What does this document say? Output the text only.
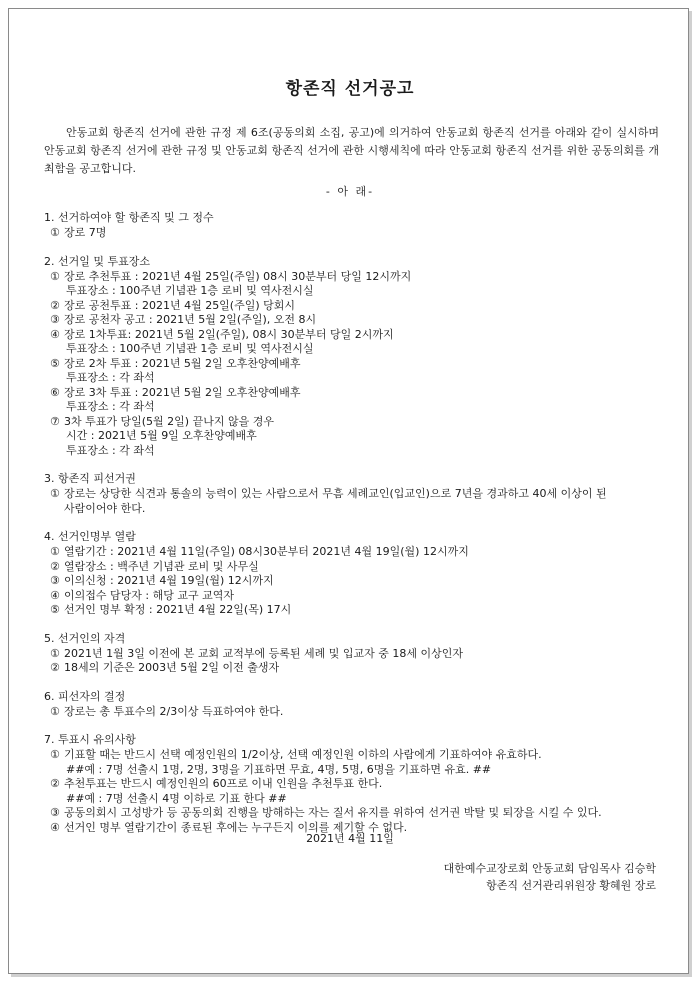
항존직 선거공고
안동교회 항존직 선거에 관한 규정 제 6조(공동의회 소집, 공고)에 의거하여 안동교회 항존직 선거를 아래와 같이 실시하며 안동교회 항존직 선거에 관한 규정 및 안동교회 항존직 선거에 관한 시행세칙에 따라 안동교회 항존직 선거를 위한 공동의회를 개최함을 공고합니다.
- 아 래-
1. 선거하여야 할 항존직 및 그 정수
① 장로 7명
2. 선거일 및 투표장소
① 장로 추천투표 : 2021년 4월 25일(주일) 08시 30분부터 당일 12시까지
투표장소 : 100주년 기념관 1층 로비 및 역사전시실
② 장로 공천투표 : 2021년 4월 25일(주일) 당회시
③ 장로 공천자 공고 : 2021년 5월 2일(주일), 오전 8시
④ 장로 1차투표: 2021년 5월 2일(주일), 08시 30분부터 당일 2시까지
투표장소 : 100주년 기념관 1층 로비 및 역사전시실
⑤ 장로 2차 투표 : 2021년 5월 2일 오후찬양예배후
투표장소 : 각 좌석
⑥ 장로 3차 투표 : 2021년 5월 2일 오후찬양예배후
투표장소 : 각 좌석
⑦ 3차 투표가 당일(5월 2일) 끝나지 않을 경우
시간 : 2021년 5월 9일 오후찬양예배후
투표장소 : 각 좌석
3. 항존직 피선거권
① 장로는 상당한 식견과 통솔의 능력이 있는 사람으로서 무흠 세례교인(입교인)으로 7년을 경과하고 40세 이상이 된
사람이어야 한다.
4. 선거인명부 열람
① 열람기간 : 2021년 4월 11일(주일) 08시30분부터 2021년 4월 19일(월) 12시까지
② 열람장소 : 백주년 기념관 로비 및 사무실
③ 이의신청 : 2021년 4월 19일(월) 12시까지
④ 이의접수 담당자 : 해당 교구 교역자
⑤ 선거인 명부 확정 : 2021년 4월 22일(목) 17시
5. 선거인의 자격
① 2021년 1월 3일 이전에 본 교회 교적부에 등록된 세례 및 입교자 중 18세 이상인자
② 18세의 기준은 2003년 5월 2일 이전 출생자
6. 피선자의 결정
① 장로는 총 투표수의 2/3이상 득표하여야 한다.
7. 투표시 유의사항
① 기표할 때는 반드시 선택 예정인원의 1/2이상, 선택 예정인원 이하의 사람에게 기표하여야 유효하다.
##예 : 7명 선출시 1명, 2명, 3명을 기표하면 무효, 4명, 5명, 6명을 기표하면 유효. ##
② 추천투표는 반드시 예정인원의 60프로 이내 인원을 추천투표 한다.
##예 : 7명 선출시 4명 이하로 기표 한다 ##
③ 공동의회시 고성방가 등 공동의회 진행을 방해하는 자는 질서 유지를 위하여 선거권 박탈 및 퇴장을 시킬 수 있다.
④ 선거인 명부 열람기간이 종료된 후에는 누구든지 이의를 제기할 수 없다.
2021년 4월 11일
대한예수교장로회 안동교회 담임목사 김승학
항존직 선거관리위원장 황혜원 장로
